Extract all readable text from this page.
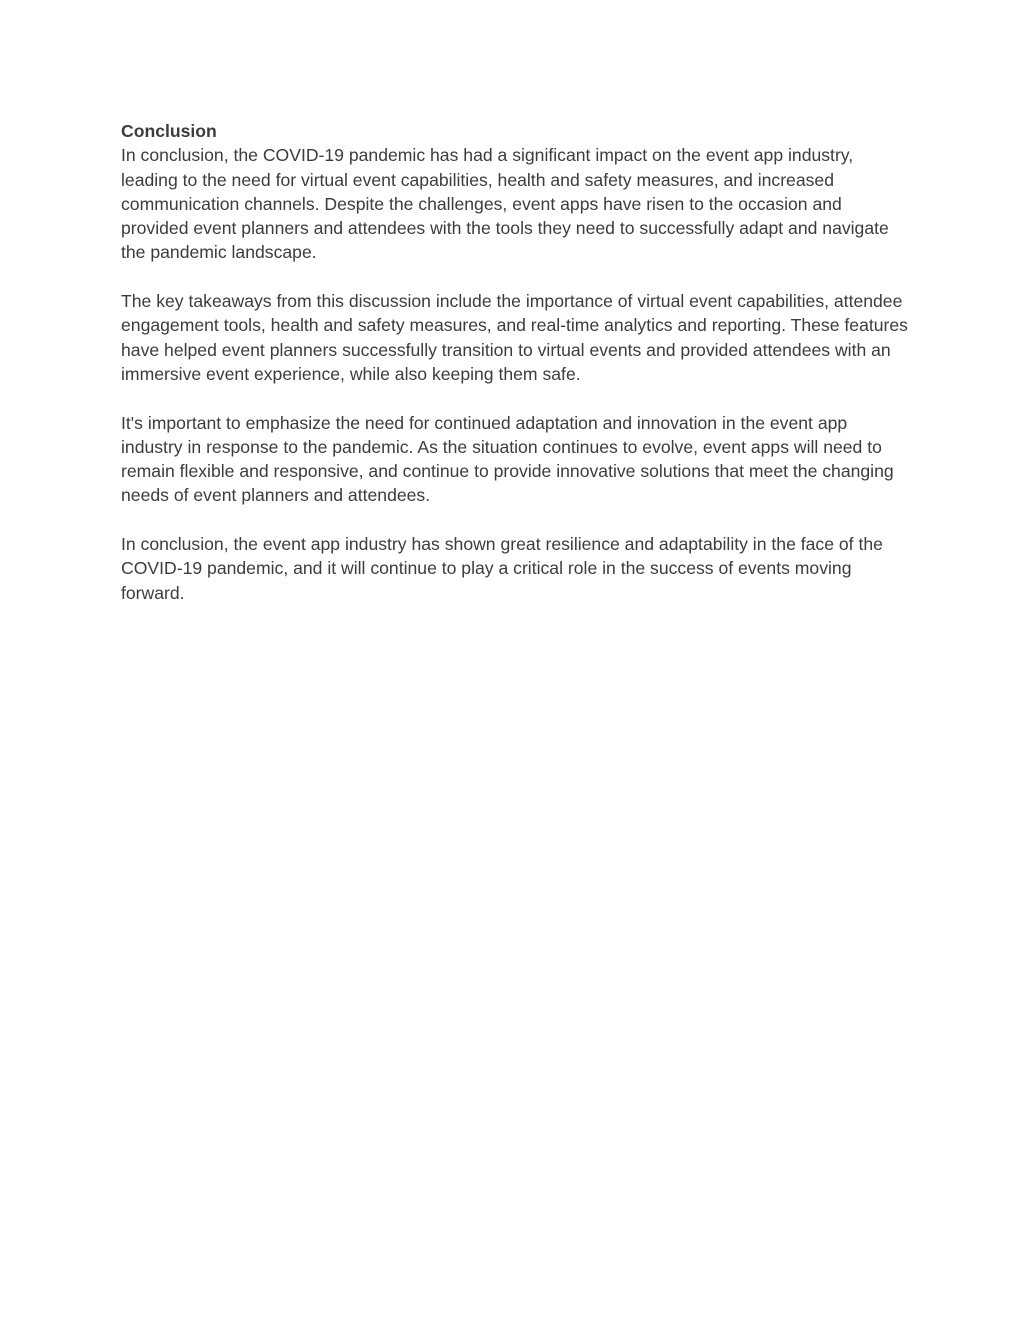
Conclusion

In conclusion, the COVID-19 pandemic has had a significant impact on the event app industry, leading to the need for virtual event capabilities, health and safety measures, and increased communication channels. Despite the challenges, event apps have risen to the occasion and provided event planners and attendees with the tools they need to successfully adapt and navigate the pandemic landscape.

The key takeaways from this discussion include the importance of virtual event capabilities, attendee engagement tools, health and safety measures, and real-time analytics and reporting. These features have helped event planners successfully transition to virtual events and provided attendees with an immersive event experience, while also keeping them safe.

It's important to emphasize the need for continued adaptation and innovation in the event app industry in response to the pandemic. As the situation continues to evolve, event apps will need to remain flexible and responsive, and continue to provide innovative solutions that meet the changing needs of event planners and attendees.

In conclusion, the event app industry has shown great resilience and adaptability in the face of the COVID-19 pandemic, and it will continue to play a critical role in the success of events moving forward.
